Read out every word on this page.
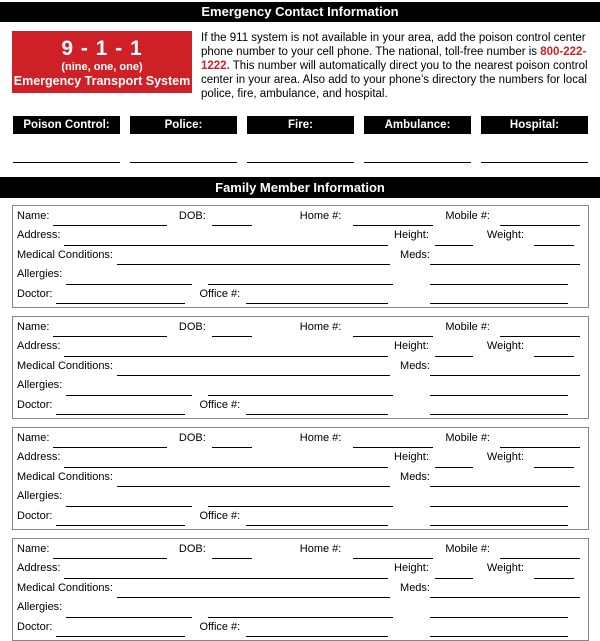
Emergency Contact Information
9 - 1 - 1
(nine, one, one)
Emergency Transport System

If the 911 system is not available in your area, add the poison control center phone number to your cell phone. The national, toll-free number is 800-222-1222. This number will automatically direct you to the nearest poison control center in your area. Also add to your phone’s directory the numbers for local police, fire, ambulance, and hospital.

Poison Control:	Police:	Fire:	Ambulance:	Hospital:
Family Member Information
Name:	DOB:	Home #:	Mobile #:
Address:	Height:	Weight:
Medical Conditions:	Meds:
Allergies:
Doctor:	Office #:
Name:	DOB:	Home #:	Mobile #:
Address:	Height:	Weight:
Medical Conditions:	Meds:
Allergies:
Doctor:	Office #:
Name:	DOB:	Home #:	Mobile #:
Address:	Height:	Weight:
Medical Conditions:	Meds:
Allergies:
Doctor:	Office #:
Name:	DOB:	Home #:	Mobile #:
Address:	Height:	Weight:
Medical Conditions:	Meds:
Allergies:
Doctor:	Office #:
